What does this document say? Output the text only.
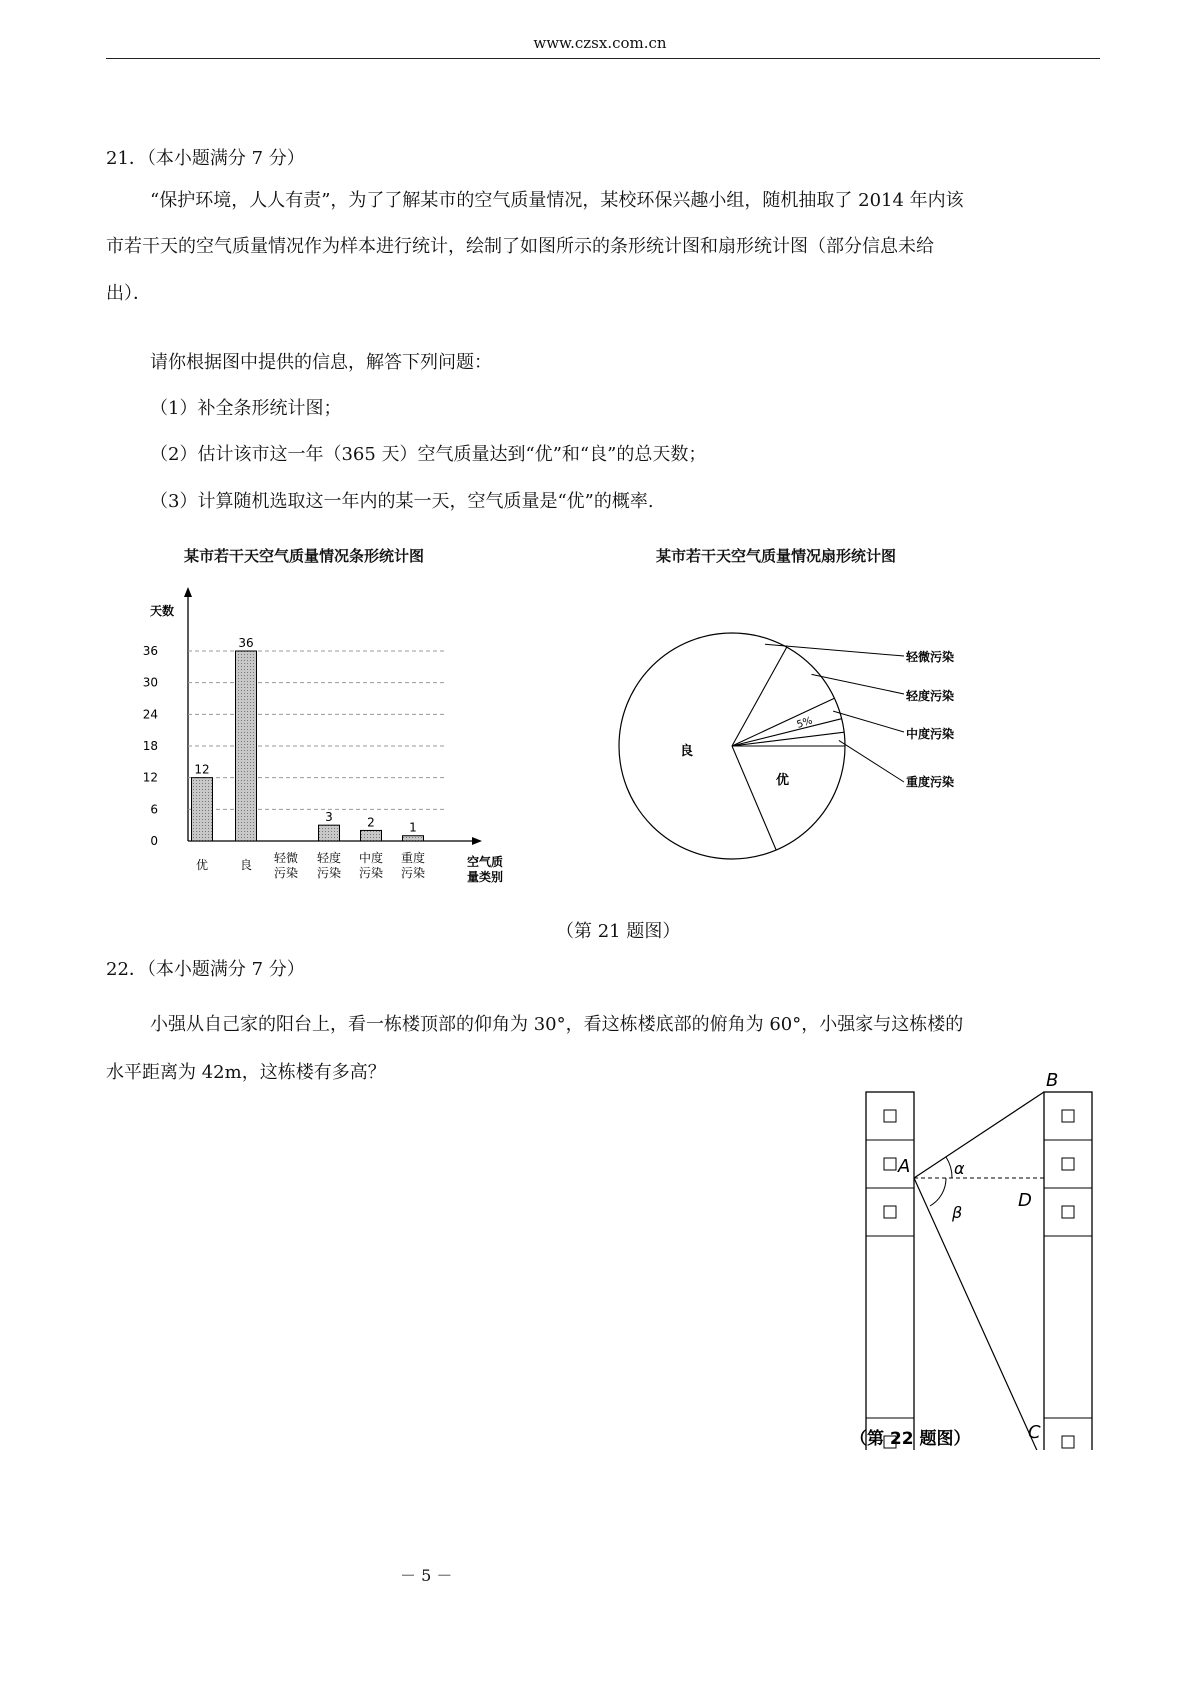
www.czsx.com.cn
21．（本小题满分 7 分）
“保护环境，人人有责”，为了了解某市的空气质量情况，某校环保兴趣小组，随机抽取了 2014 年内该
市若干天的空气质量情况作为样本进行统计，绘制了如图所示的条形统计图和扇形统计图（部分信息未给
出）．
请你根据图中提供的信息，解答下列问题：
（1）补全条形统计图；
（2）估计该市这一年（365 天）空气质量达到“优”和“良”的总天数；
（3）计算随机选取这一年内的某一天，空气质量是“优”的概率.
某市若干天空气质量情况条形统计图	某市若干天空气质量情况扇形统计图
天数
0
6
12
18
24
30
36
12
36
3	2	1
优	良 轻微
污染
轻度
污染
中度
污染
重度
污染
空气质
量类别
良
优
5%
轻微污染
轻度污染
中度污染
重度污染
（第 21 题图）
22．（本小题满分 7 分）
小强从自己家的阳台上，看一栋楼顶部的仰角为 30°，看这栋楼底部的俯角为 60°，小强家与这栋楼的
水平距离为 42m，这栋楼有多高？
A
B
C
D
α
β
（第 22 题图）
－ 5 －
